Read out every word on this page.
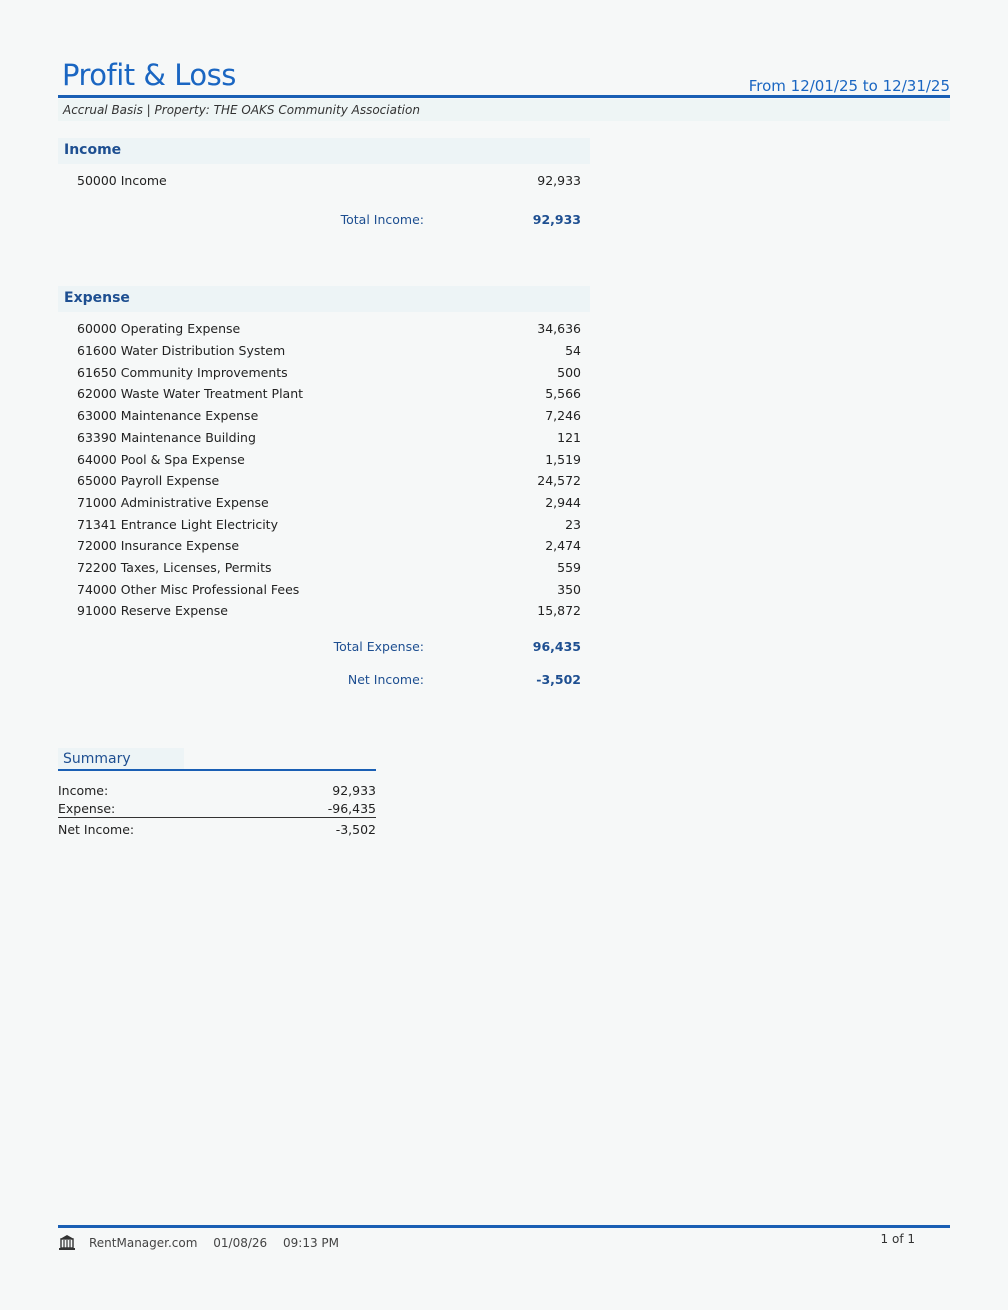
Profit & Loss	From 12/01/25 to 12/31/25
Accrual Basis | Property: THE OAKS Community Association
Income
50000 Income	92,933
Total Income:	92,933
Expense
60000 Operating Expense	34,636
61600 Water Distribution System	54
61650 Community Improvements	500
62000 Waste Water Treatment Plant	5,566
63000 Maintenance Expense	7,246
63390 Maintenance Building	121
64000 Pool & Spa Expense	1,519
65000 Payroll Expense	24,572
71000 Administrative Expense	2,944
71341 Entrance Light Electricity	23
72000 Insurance Expense	2,474
72200 Taxes, Licenses, Permits	559
74000 Other Misc Professional Fees	350
91000 Reserve Expense	15,872
Total Expense:	96,435
Net Income:	-3,502
Summary
Income:	92,933
Expense:	-96,435
Net Income:	-3,502
RentManager.com 01/08/26 09:13 PM	1 of 1
